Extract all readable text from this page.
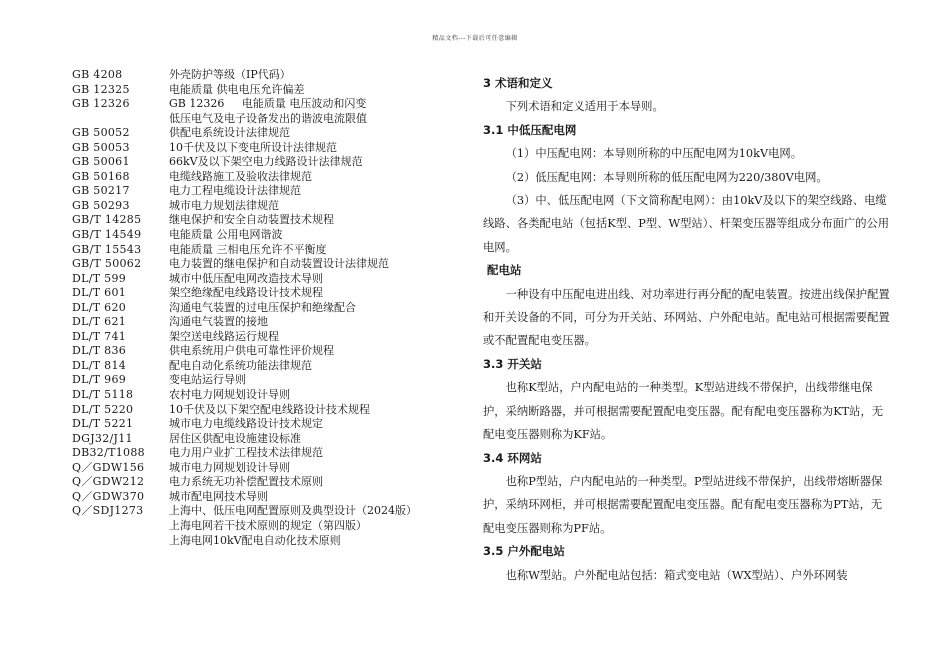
精品文档---下载后可任意编辑
GB 4208	外壳防护等级（IP代码）
GB 12325	电能质量 供电电压允许偏差
GB 12326	GB 12326     电能质量 电压波动和闪变
低压电气及电子设备发出的谐波电流限值
GB 50052	供配电系统设计法律规范
GB 50053	10千伏及以下变电所设计法律规范
GB 50061	66kV及以下架空电力线路设计法律规范
GB 50168	电缆线路施工及验收法律规范
GB 50217	电力工程电缆设计法律规范
GB 50293	城市电力规划法律规范
GB/T 14285	继电保护和安全自动装置技术规程
GB/T 14549	电能质量 公用电网谐波
GB/T 15543	电能质量 三相电压允许不平衡度
GB/T 50062	电力装置的继电保护和自动装置设计法律规范
DL/T 599	城市中低压配电网改造技术导则
DL/T 601	架空绝缘配电线路设计技术规程
DL/T 620	沟通电气装置的过电压保护和绝缘配合
DL/T 621	沟通电气装置的接地
DL/T 741	架空送电线路运行规程
DL/T 836	供电系统用户供电可靠性评价规程
DL/T 814	配电自动化系统功能法律规范
DL/T 969	变电站运行导则
DL/T 5118	农村电力网规划设计导则
DL/T 5220	10千伏及以下架空配电线路设计技术规程
DL/T 5221	城市电力电缆线路设计技术规定
DGJ32/J11	居住区供配电设施建设标准
DB32/T1088	电力用户业扩工程技术法律规范
Q／GDW156	城市电力网规划设计导则
Q／GDW212	电力系统无功补偿配置技术原则
Q／GDW370	城市配电网技术导则
Q／SDJ1273	上海中、低压电网配置原则及典型设计（2024版）
上海电网若干技术原则的规定（第四版）
上海电网10kV配电自动化技术原则
3 术语和定义
下列术语和定义适用于本导则。
3.1 中低压配电网
（1）中压配电网：本导则所称的中压配电网为10kV电网。
（2）低压配电网：本导则所称的低压配电网为220/380V电网。
（3）中、低压配电网（下文简称配电网）：由10kV及以下的架空线路、电缆线路、各类配电站（包括K型、P型、W型站）、杆架变压器等组成分布面广的公用电网。
配电站
一种设有中压配电进出线、对功率进行再分配的配电装置。按进出线保护配置和开关设备的不同，可分为开关站、环网站、户外配电站。配电站可根据需要配置或不配置配电变压器。
3.3 开关站
也称K型站，户内配电站的一种类型。K型站进线不带保护，出线带继电保护，采纳断路器，并可根据需要配置配电变压器。配有配电变压器称为KT站，无配电变压器则称为KF站。
3.4 环网站
也称P型站，户内配电站的一种类型。P型站进线不带保护，出线带熔断器保护，采纳环网柜，并可根据需要配置配电变压器。配有配电变压器称为PT站，无配电变压器则称为PF站。
3.5 户外配电站
也称W型站。户外配电站包括：箱式变电站（WX型站）、户外环网装
